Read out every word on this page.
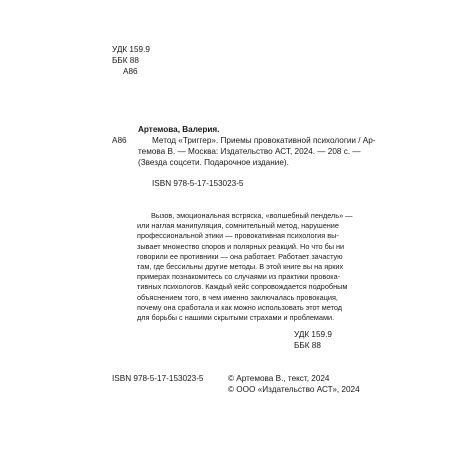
УДК 159.9
ББК 88
А86
Артемова, Валерия.
А86	Метод «Триггер». Приемы провокативной психологии / Ар-
темова В. — Москва: Издательство АСТ, 2024. — 208 с. —
(Звезда соцсети. Подарочное издание).
ISBN 978-5-17-153023-5
Вызов, эмоциональная встряска, «волшебный пендель» —
или наглая манипуляция, сомнительный метод, нарушение
профессиональной этики — провокативная психология вы-
зывает множество споров и полярных реакций. Но что бы ни
говорили ее противники — она работает. Работает зачастую
там, где бессильны другие методы. В этой книге вы на ярких
примерах познакомитесь со случаями из практики провока-
тивных психологов. Каждый кейс сопровождается подробным
объяснением того, в чем именно заключалась провокация,
почему она сработала и как можно использовать этот метод
для борьбы с нашими скрытыми страхами и проблемами.
УДК 159.9
ББК 88
ISBN 978-5-17-153023-5	© Артемова В., текст, 2024
© ООО «Издательство АСТ», 2024
